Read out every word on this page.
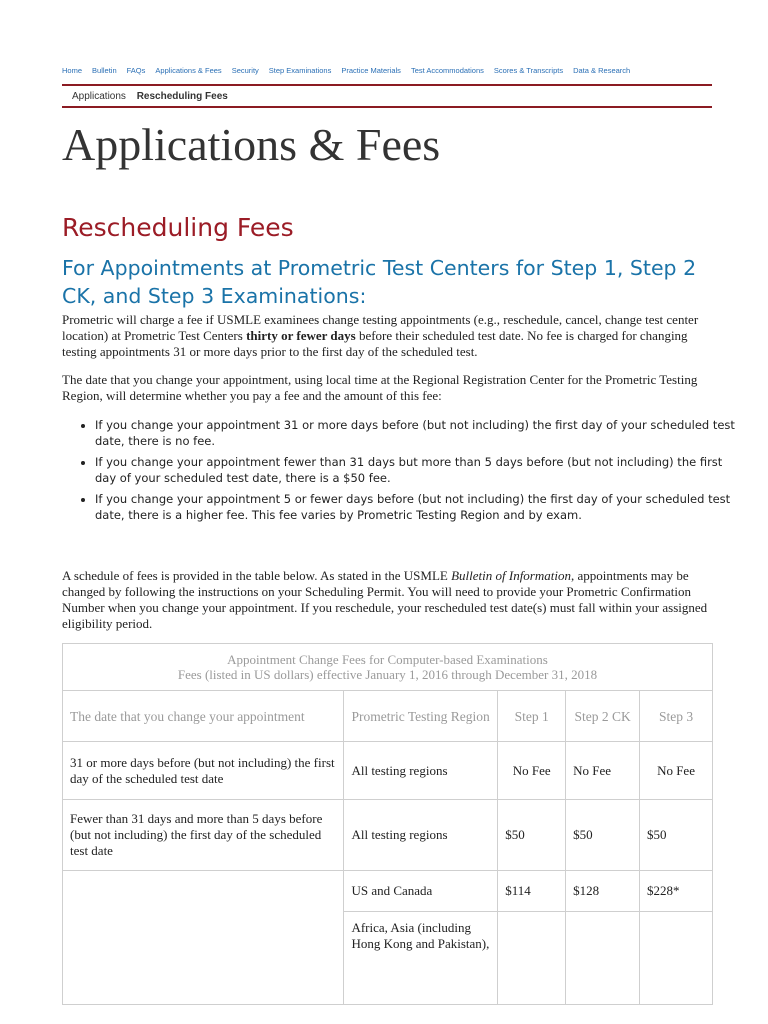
Home Bulletin FAQs Applications & Fees Security Step Examinations Practice Materials Test Accommodations Scores & Transcripts Data & Research
Applications Rescheduling Fees
Applications & Fees
Rescheduling Fees
For Appointments at Prometric Test Centers for Step 1, Step 2 CK, and Step 3 Examinations:

Prometric will charge a fee if USMLE examinees change testing appointments (e.g., reschedule, cancel, change test center location) at Prometric Test Centers thirty or fewer days before their scheduled test date. No fee is charged for changing testing appointments 31 or more days prior to the first day of the scheduled test.

The date that you change your appointment, using local time at the Regional Registration Center for the Prometric Testing Region, will determine whether you pay a fee and the amount of this fee:

• If you change your appointment 31 or more days before (but not including) the first day of your scheduled test date, there is no fee.
• If you change your appointment fewer than 31 days but more than 5 days before (but not including) the first day of your scheduled test date, there is a $50 fee.
• If you change your appointment 5 or fewer days before (but not including) the first day of your scheduled test date, there is a higher fee. This fee varies by Prometric Testing Region and by exam.

A schedule of fees is provided in the table below. As stated in the USMLE Bulletin of Information, appointments may be changed by following the instructions on your Scheduling Permit. You will need to provide your Prometric Confirmation Number when you change your appointment. If you reschedule, your rescheduled test date(s) must fall within your assigned eligibility period.

Appointment Change Fees for Computer-based Examinations
Fees (listed in US dollars) effective January 1, 2016 through December 31, 2018				

The date that you change your appointment	Prometric Testing Region	Step 1	Step 2 CK	Step 3
31 or more days before (but not including) the first day of the scheduled test date	All testing regions	No Fee	No Fee	No Fee
Fewer than 31 days and more than 5 days before (but not including) the first day of the scheduled test date	All testing regions	$50	$50	$50
	US and Canada	$114	$128	$228*
	Africa, Asia (including Hong Kong and Pakistan),			
